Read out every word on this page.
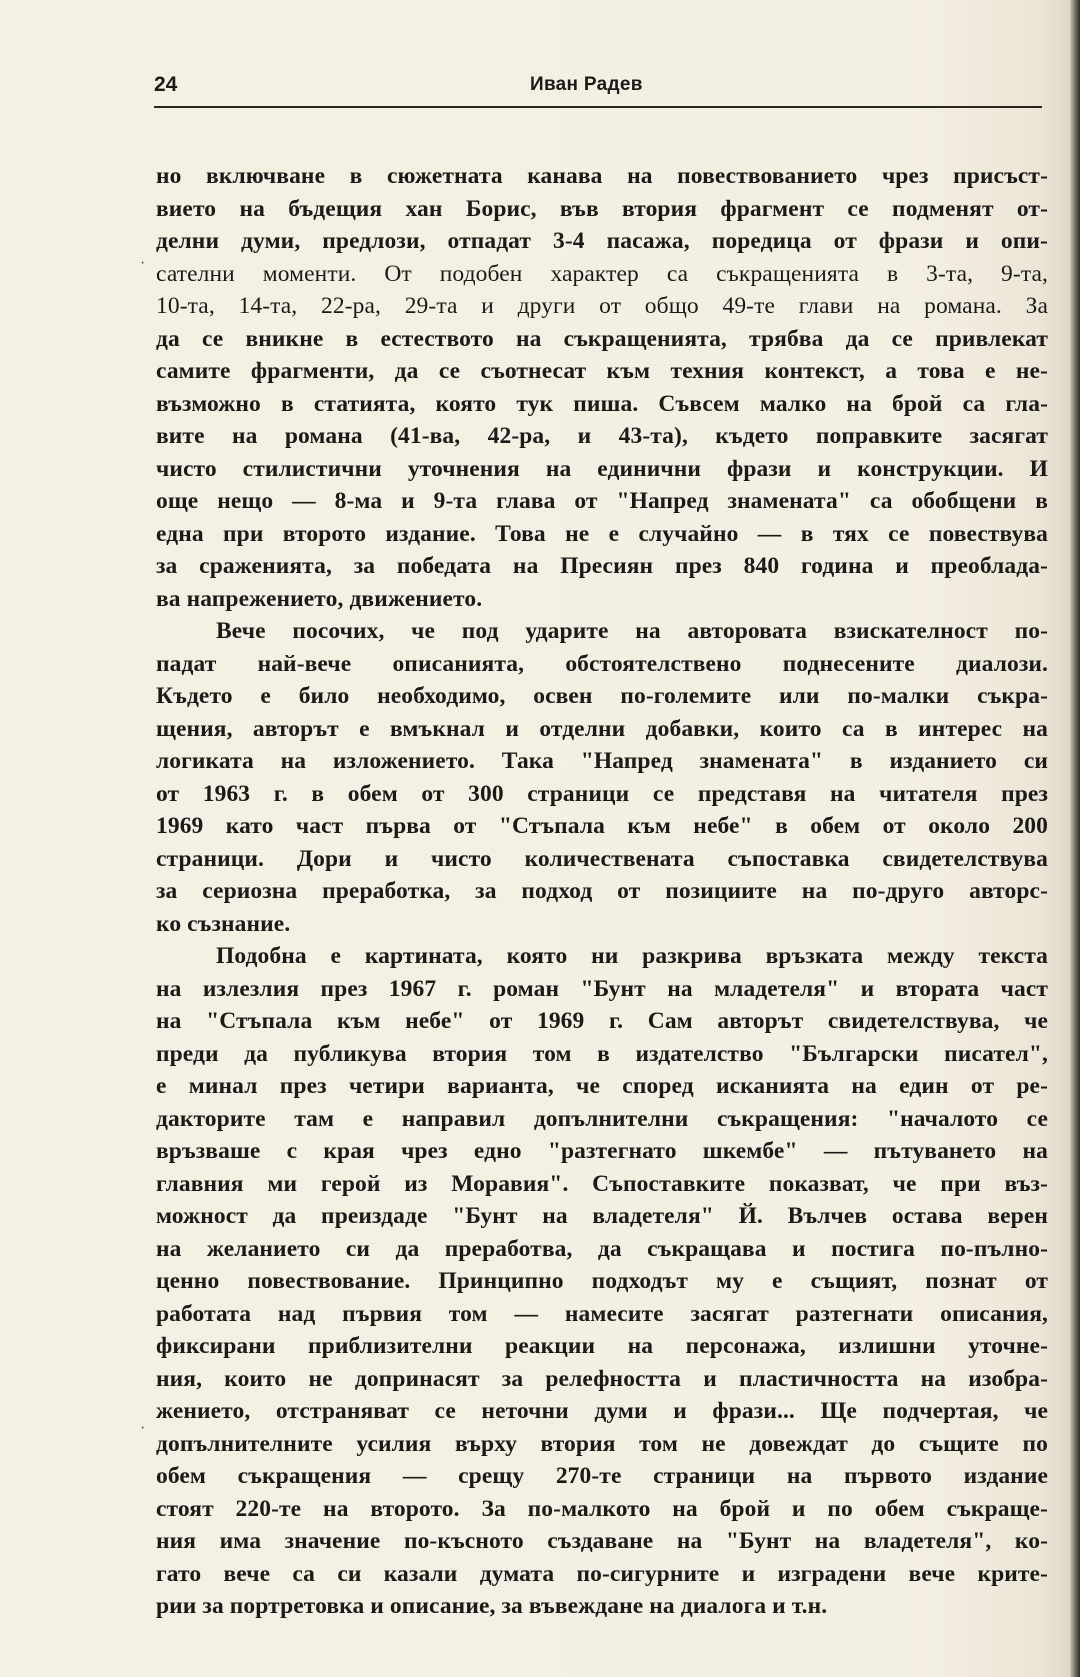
24	Иван Радев
·
·
но включване в сюжетната канава на повествованието чрез присъст-
вието на бъдещия хан Борис, във втория фрагмент се подменят от-
делни думи, предлози, отпадат 3-4 пасажа, поредица от фрази и опи-
сателни моменти. От подобен характер са съкращенията в 3-та, 9-та,
10-та, 14-та, 22-ра, 29-та и други от общо 49-те глави на романа. За
да се вникне в естеството на съкращенията, трябва да се привлекат
самите фрагменти, да се съотнесат към техния контекст, а това е не-
възможно в статията, която тук пиша. Съвсем малко на брой са гла-
вите на романа (41-ва, 42-ра, и 43-та), където поправките засягат
чисто стилистични уточнения на единични фрази и конструкции. И
още нещо — 8-ма и 9-та глава от "Напред знамената" са обобщени в
една при второто издание. Това не е случайно — в тях се повествува
за сраженията, за победата на Пресиян през 840 година и преоблада-
ва напрежението, движението.
Вече посочих, че под ударите на авторовата взискателност по-
падат най-вече описанията, обстоятелствено поднесените диалози.
Където е било необходимо, освен по-големите или по-малки съкра-
щения, авторът е вмъкнал и отделни добавки, които са в интерес на
логиката на изложението. Така "Напред знамената" в изданието си
от 1963 г. в обем от 300 страници се представя на читателя през
1969 като част първа от "Стъпала към небе" в обем от около 200
страници. Дори и чисто количествената съпоставка свидетелствува
за сериозна преработка, за подход от позициите на по-друго авторс-
ко съзнание.
Подобна е картината, която ни разкрива връзката между текста
на излезлия през 1967 г. роман "Бунт на младетеля" и втората част
на "Стъпала към небе" от 1969 г. Сам авторът свидетелствува, че
преди да публикува втория том в издателство "Български писател",
е минал през четири варианта, че според исканията на един от ре-
дакторите там е направил допълнителни съкращения: "началото се
връзваше с края чрез едно "разтегнато шкембе" — пътуването на
главния ми герой из Моравия". Съпоставките показват, че при въз-
можност да преиздаде "Бунт на владетеля" Й. Вълчев остава верен
на желанието си да преработва, да съкращава и постига по-пълно-
ценно повествование. Принципно подходът му е същият, познат от
работата над първия том — намесите засягат разтегнати описания,
фиксирани приблизителни реакции на персонажа, излишни уточне-
ния, които не допринасят за релефността и пластичността на изобра-
жението, отстраняват се неточни думи и фрази... Ще подчертая, че
допълнителните усилия върху втория том не довеждат до същите по
обем съкращения — срещу 270-те страници на първото издание
стоят 220-те на второто. За по-малкото на брой и по обем съкраще-
ния има значение по-късното създаване на "Бунт на владетеля", ко-
гато вече са си казали думата по-сигурните и изградени вече крите-
рии за портретовка и описание, за въвеждане на диалога и т.н.
